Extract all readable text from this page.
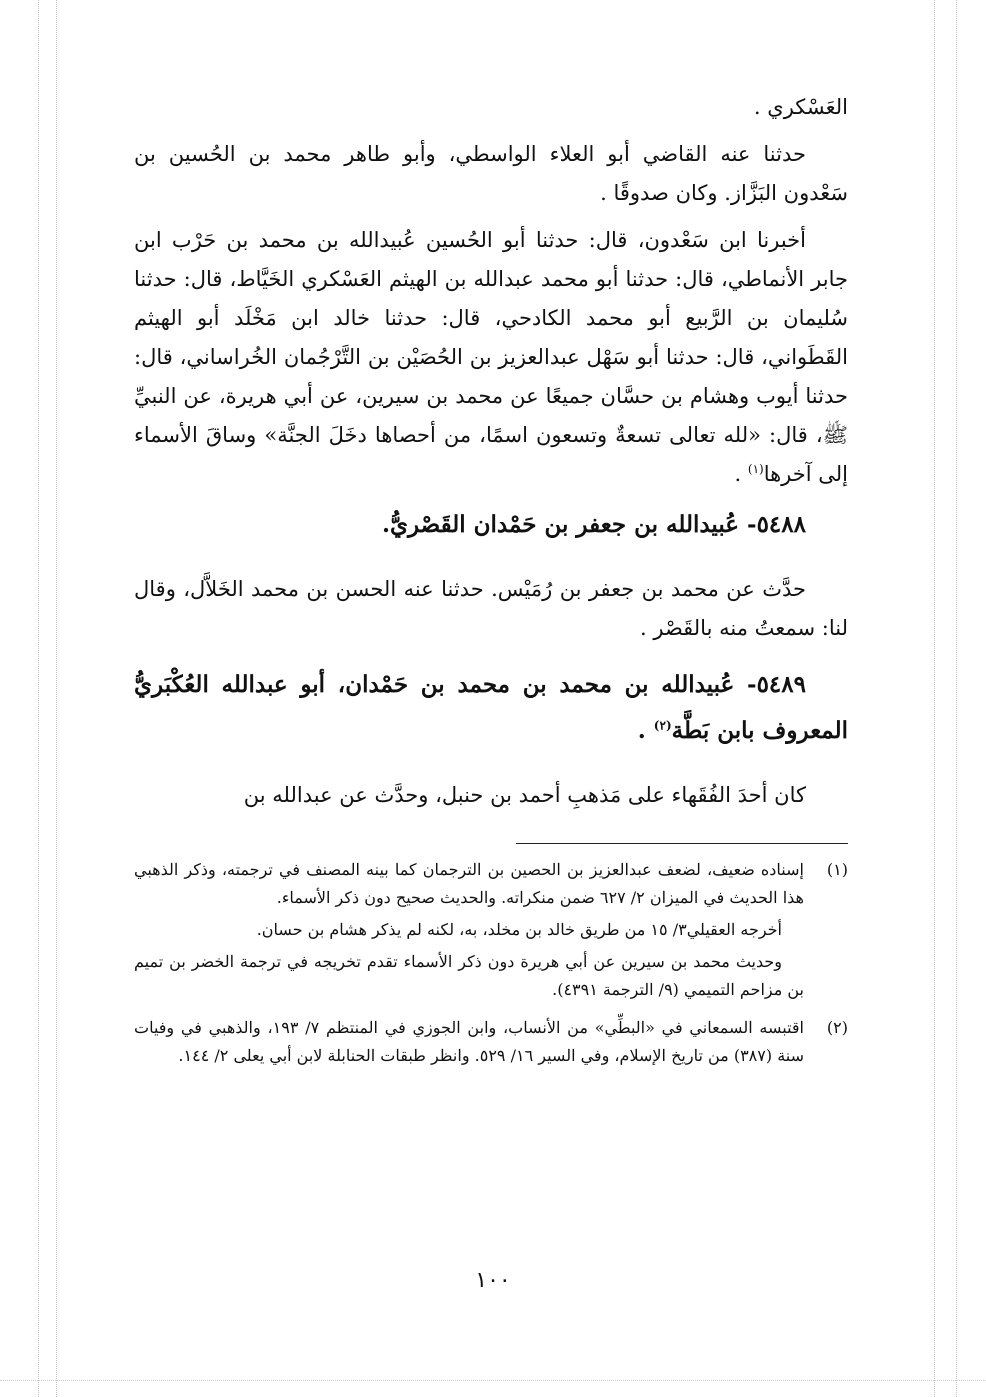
العَسْكري .

حدثنا عنه القاضي أبو العلاء الواسطي، وأبو طاهر محمد بن الحُسين بن سَعْدون البَزَّاز. وكان صدوقًا .

أخبرنا ابن سَعْدون، قال: حدثنا أبو الحُسين عُبيدالله بن محمد بن حَرْب ابن جابر الأنماطي، قال: حدثنا أبو محمد عبدالله بن الهيثم العَسْكري الخَيَّاط، قال: حدثنا سُليمان بن الرَّبيع أبو محمد الكادحي، قال: حدثنا خالد ابن مَخْلَد أبو الهيثم القَطَواني، قال: حدثنا أبو سَهْل عبدالعزيز بن الحُصَيْن بن التَّرْجُمان الخُراساني، قال: حدثنا أيوب وهشام بن حسَّان جميعًا عن محمد بن سيرين، عن أبي هريرة، عن النبيِّ ﷺ، قال: «لله تعالى تسعةٌ وتسعون اسمًا، من أحصاها دخَلَ الجنَّة» وساقَ الأسماء إلى آخرها$^{(١)}$ .

٥٤٨٨- عُبيدالله بن جعفر بن حَمْدان القَصْريُّ.

حدَّث عن محمد بن جعفر بن رُمَيْس. حدثنا عنه الحسن بن محمد الخَلاَّل، وقال لنا: سمعتُ منه بالقَصْر .

٥٤٨٩- عُبيدالله بن محمد بن محمد بن حَمْدان، أبو عبدالله العُكْبَريُّ المعروف بابن بَطَّة$^{(٢)}$ .

كان أحدَ الفُقَهاء على مَذهبِ أحمد بن حنبل، وحدَّث عن عبدالله بن

(١)

إسناده ضعيف، لضعف عبدالعزيز بن الحصين بن الترجمان كما بينه المصنف في ترجمته، وذكر الذهبي هذا الحديث في الميزان ٢/ ٦٢٧ ضمن منكراته. والحديث صحيح دون ذكر الأسماء.

أخرجه العقيلي٣/ ١٥ من طريق خالد بن مخلد، به، لكنه لم يذكر هشام بن حسان.

وحديث محمد بن سيرين عن أبي هريرة دون ذكر الأسماء تقدم تخريجه في ترجمة الخضر بن تميم بن مزاحم التميمي (٩/ الترجمة ٤٣٩١).

(٢)

اقتبسه السمعاني في «البطِّي» من الأنساب، وابن الجوزي في المنتظم ٧/ ١٩٣، والذهبي في وفيات سنة (٣٨٧) من تاريخ الإسلام، وفي السير ١٦/ ٥٢٩. وانظر طبقات الحنابلة لابن أبي يعلى ٢/ ١٤٤.

١٠٠
